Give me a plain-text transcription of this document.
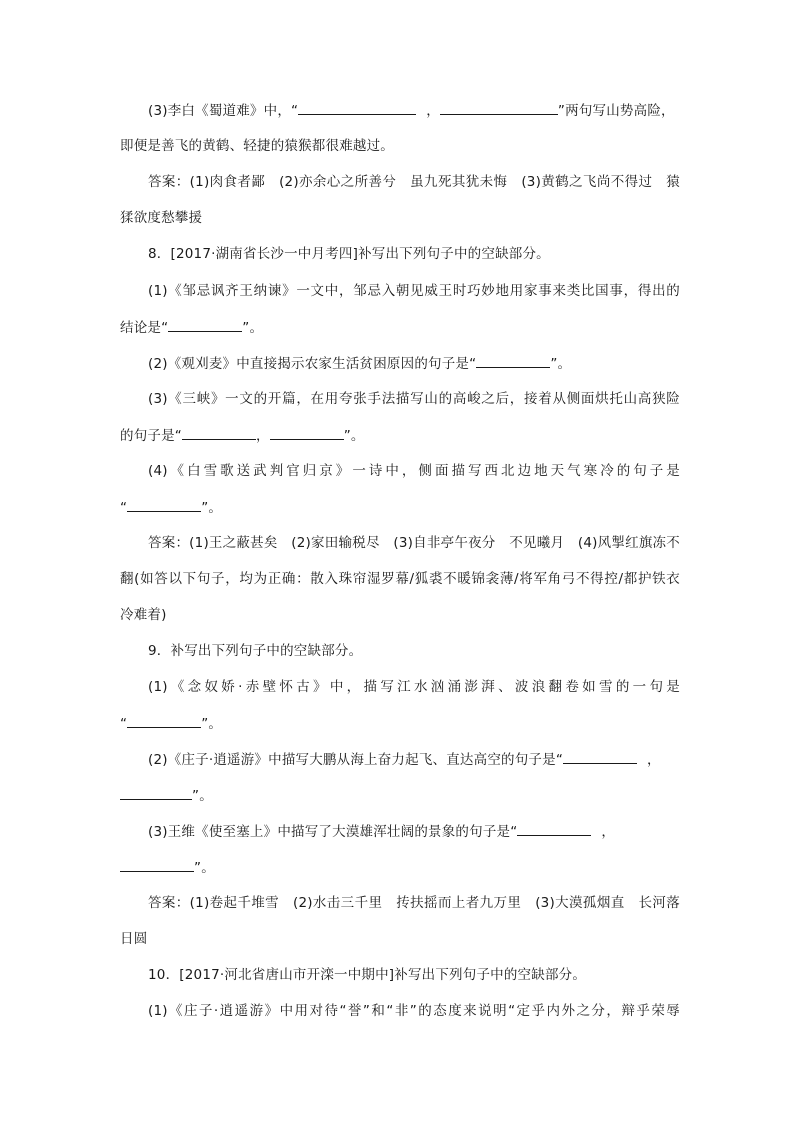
(3)李白《蜀道难》中，“	，	”两句写山势高险，
即便是善飞的黄鹤、轻捷的猿猴都很难越过。
答案：(1)肉食者鄙　(2)亦余心之所善兮　虽九死其犹未悔　(3)黄鹤之飞尚不得过　猿
猱欲度愁攀援
8．[2017·湖南省长沙一中月考四]补写出下列句子中的空缺部分。
(1)《邹忌讽齐王纳谏》一文中，邹忌入朝见威王时巧妙地用家事来类比国事，得出的
结论是“	”。
(2)《观刈麦》中直接揭示农家生活贫困原因的句子是“	”。
(3)《三峡》一文的开篇，在用夸张手法描写山的高峻之后，接着从侧面烘托山高狭险
的句子是“	，	”。
(4)《白雪歌送武判官归京》一诗中，侧面描写西北边地天气寒冷的句子是
“	”。
答案：(1)王之蔽甚矣　(2)家田输税尽　(3)自非亭午夜分　不见曦月　(4)风掣红旗冻不
翻(如答以下句子，均为正确：散入珠帘湿罗幕/狐裘不暖锦衾薄/将军角弓不得控/都护铁衣
冷难着)
9．补写出下列句子中的空缺部分。
(1)《念奴娇·赤壁怀古》中，描写江水汹涌澎湃、波浪翻卷如雪的一句是
“	”。
(2)《庄子·逍遥游》中描写大鹏从海上奋力起飞、直达高空的句子是“	，
”。
(3)王维《使至塞上》中描写了大漠雄浑壮阔的景象的句子是“	，
”。
答案：(1)卷起千堆雪　(2)水击三千里　抟扶摇而上者九万里　(3)大漠孤烟直　长河落
日圆
10．[2017·河北省唐山市开滦一中期中]补写出下列句子中的空缺部分。
(1)《庄子·逍遥游》中用对待“誉”和“非”的态度来说明“定乎内外之分，辩乎荣辱
